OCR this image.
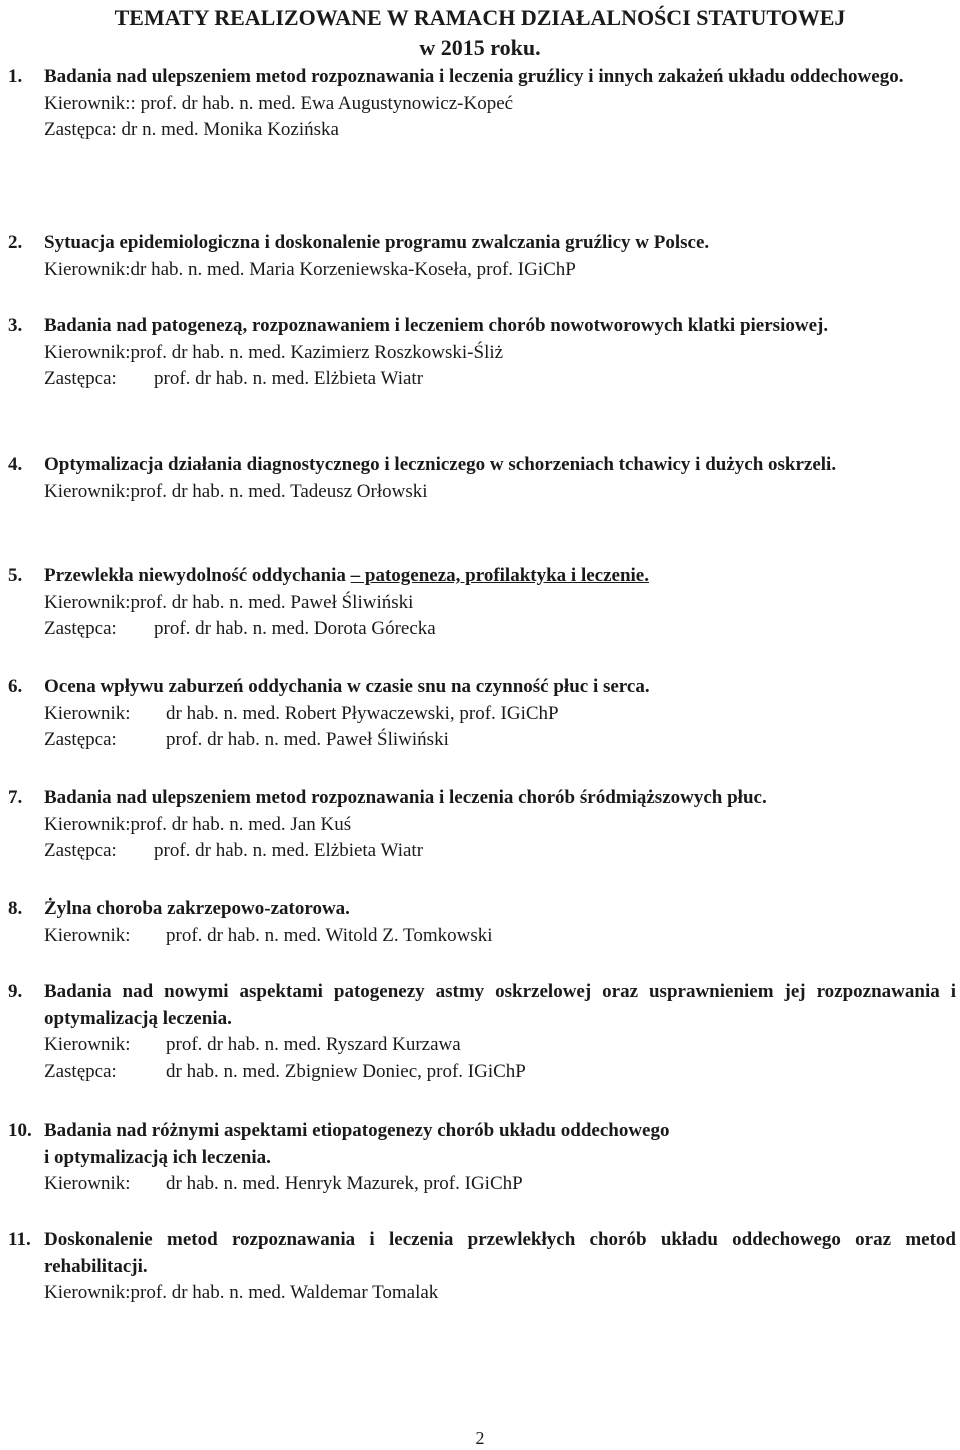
TEMATY REALIZOWANE W RAMACH DZIAŁALNOŚCI STATUTOWEJ
w 2015 roku.
1. Badania nad ulepszeniem metod rozpoznawania i leczenia gruźlicy i innych zakażeń układu oddechowego.
Kierownik:: prof. dr hab. n. med. Ewa Augustynowicz-Kopeć
Zastępca: dr n. med. Monika Kozińska
2. Sytuacja epidemiologiczna i doskonalenie programu zwalczania gruźlicy w Polsce.
Kierownik:dr hab. n. med. Maria Korzeniewska-Koseła, prof. IGiChP
3. Badania nad patogenezą, rozpoznawaniem i leczeniem chorób nowotworowych klatki piersiowej.
Kierownik:prof. dr hab. n. med. Kazimierz Roszkowski-Śliż
Zastępca:prof. dr hab. n. med. Elżbieta Wiatr
4. Optymalizacja działania diagnostycznego i leczniczego w schorzeniach tchawicy i dużych oskrzeli.
Kierownik:prof. dr hab. n. med. Tadeusz Orłowski
5. Przewlekła niewydolność oddychania – patogeneza, profilaktyka i leczenie.
Kierownik:prof. dr hab. n. med. Paweł Śliwiński
Zastępca:prof. dr hab. n. med. Dorota Górecka
6. Ocena wpływu zaburzeń oddychania w czasie snu na czynność płuc i serca.
Kierownik:dr hab. n. med. Robert Pływaczewski, prof. IGiChP
Zastępca:	prof. dr hab. n. med. Paweł Śliwiński
7. Badania nad ulepszeniem metod rozpoznawania i leczenia chorób śródmiąższowych płuc.
Kierownik:prof. dr hab. n. med. Jan Kuś
Zastępca:prof. dr hab. n. med. Elżbieta Wiatr
8. Żylna choroba zakrzepowo-zatorowa.
Kierownik:prof. dr hab. n. med. Witold Z. Tomkowski
9. Badania nad nowymi aspektami patogenezy astmy oskrzelowej oraz usprawnieniem jej rozpoznawania i optymalizacją leczenia.
Kierownik:prof. dr hab. n. med. Ryszard Kurzawa
Zastępca:	dr hab. n. med. Zbigniew Doniec, prof. IGiChP
10. Badania nad różnymi aspektami etiopatogenezy chorób układu oddechowego
i optymalizacją ich leczenia.
Kierownik:dr hab. n. med. Henryk Mazurek, prof. IGiChP
11. Doskonalenie metod rozpoznawania i leczenia przewlekłych chorób układu oddechowego oraz metod rehabilitacji.
Kierownik:prof. dr hab. n. med. Waldemar Tomalak
2
